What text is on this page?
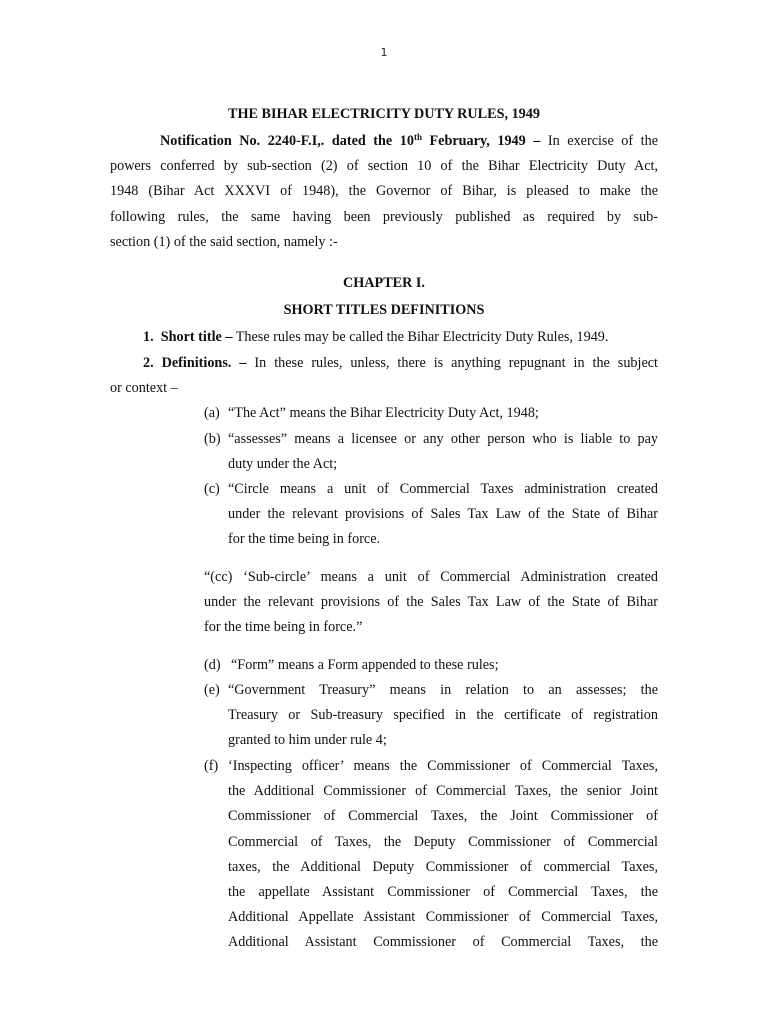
1
THE BIHAR ELECTRICITY DUTY RULES, 1949
Notification No. 2240-F.I,. dated the 10th February, 1949 – In exercise of the
powers conferred by sub-section (2) of section 10 of the Bihar Electricity Duty Act,
1948 (Bihar Act XXXVI of 1948), the Governor of Bihar, is pleased to make the
following rules, the same having been previously published as required by sub-
section (1) of the said section, namely :-
CHAPTER I.
SHORT TITLES DEFINITIONS
1. Short title – These rules may be called the Bihar Electricity Duty Rules, 1949.
2. Definitions. – In these rules, unless, there is anything repugnant in the subject
or context –
(a) “The Act” means the Bihar Electricity Duty Act, 1948;
(b) “assesses” means a licensee or any other person who is liable to pay
duty under the Act;
(c) “Circle means a unit of Commercial Taxes administration created
under the relevant provisions of Sales Tax Law of the State of Bihar
for the time being in force.
“(cc) ‘Sub-circle’ means a unit of Commercial Administration created
under the relevant provisions of the Sales Tax Law of the State of Bihar
for the time being in force.”
(d) “Form” means a Form appended to these rules;
(e) “Government Treasury” means in relation to an assesses; the
Treasury or Sub-treasury specified in the certificate of registration
granted to him under rule 4;
(f) ‘Inspecting officer’ means the Commissioner of Commercial Taxes,
the Additional Commissioner of Commercial Taxes, the senior Joint
Commissioner of Commercial Taxes, the Joint Commissioner of
Commercial of Taxes, the Deputy Commissioner of Commercial
taxes, the Additional Deputy Commissioner of commercial Taxes,
the appellate Assistant Commissioner of Commercial Taxes, the
Additional Appellate Assistant Commissioner of Commercial Taxes,
Additional Assistant Commissioner of Commercial Taxes, the
